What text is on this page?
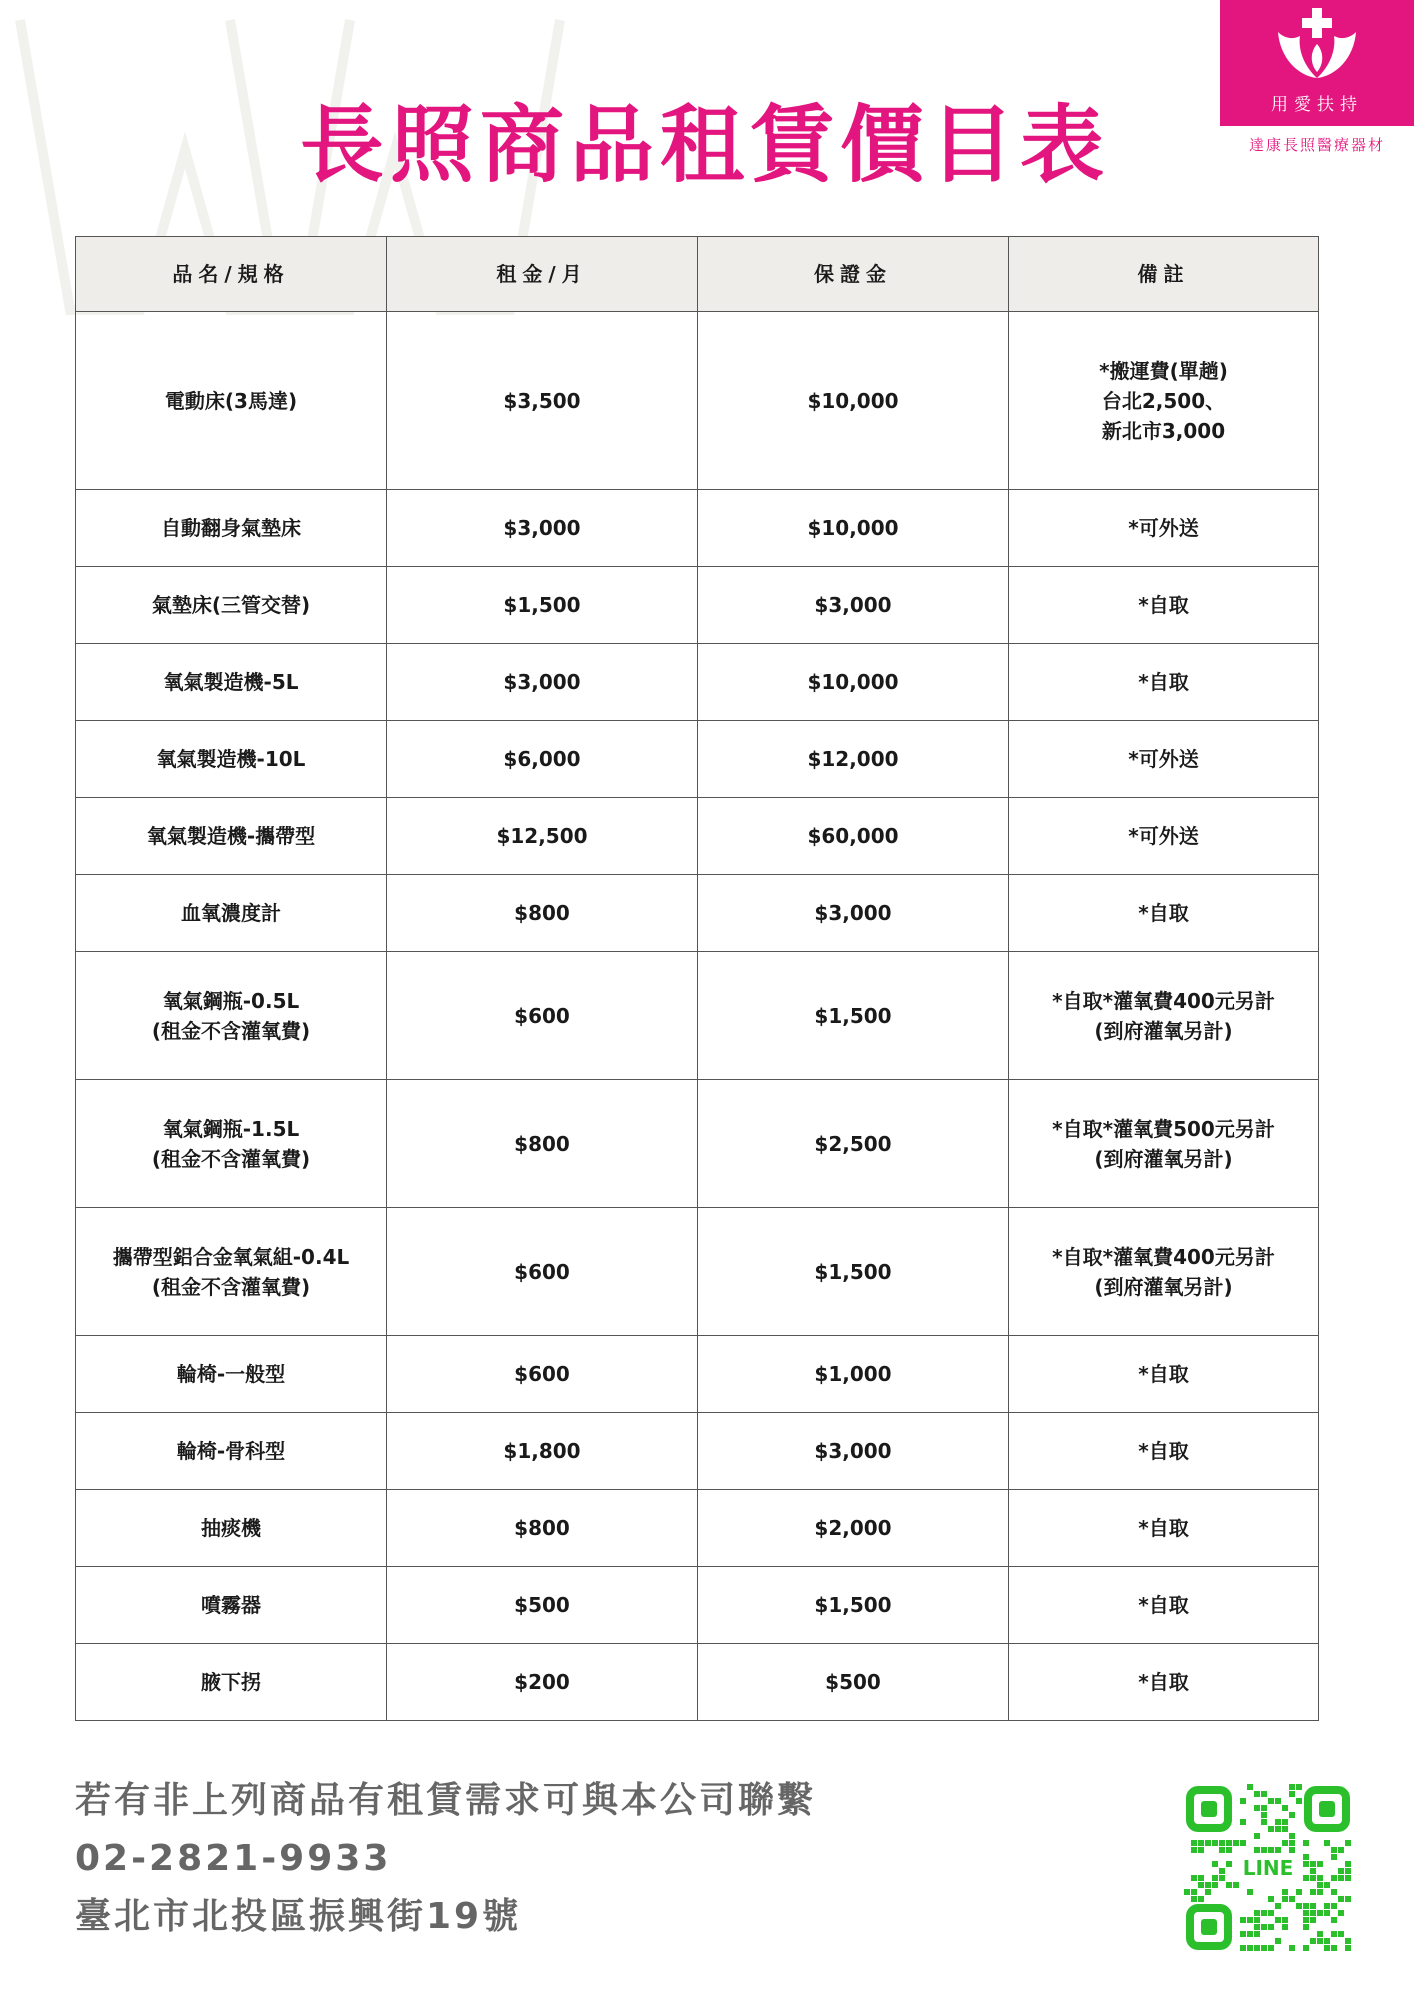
長照商品租賃價目表	用愛扶持
達康長照醫療器材
品名/規格	租金/月	保證金	備註

電動床(3馬達)	$3,500	$10,000	*搬運費(單趟)
台北2,500、
新北市3,000

自動翻身氣墊床	$3,000	$10,000	*可外送

氣墊床(三管交替)	$1,500	$3,000	*自取

氧氣製造機-5L	$3,000	$10,000	*自取

氧氣製造機-10L	$6,000	$12,000	*可外送

氧氣製造機-攜帶型	$12,500	$60,000	*可外送

血氧濃度計	$800	$3,000	*自取

氧氣鋼瓶-0.5L
(租金不含灌氧費)	$600	$1,500	*自取*灌氧費400元另計
(到府灌氧另計)

氧氣鋼瓶-1.5L
(租金不含灌氧費)	$800	$2,500	*自取*灌氧費500元另計
(到府灌氧另計)

攜帶型鋁合金氧氣組-0.4L
(租金不含灌氧費)	$600	$1,500	*自取*灌氧費400元另計
(到府灌氧另計)

輪椅-一般型	$600	$1,000	*自取

輪椅-骨科型	$1,800	$3,000	*自取

抽痰機	$800	$2,000	*自取

噴霧器	$500	$1,500	*自取

腋下拐	$200	$500	*自取
若有非上列商品有租賃需求可與本公司聯繫
02-2821-9933
臺北市北投區振興街19號
LINE
